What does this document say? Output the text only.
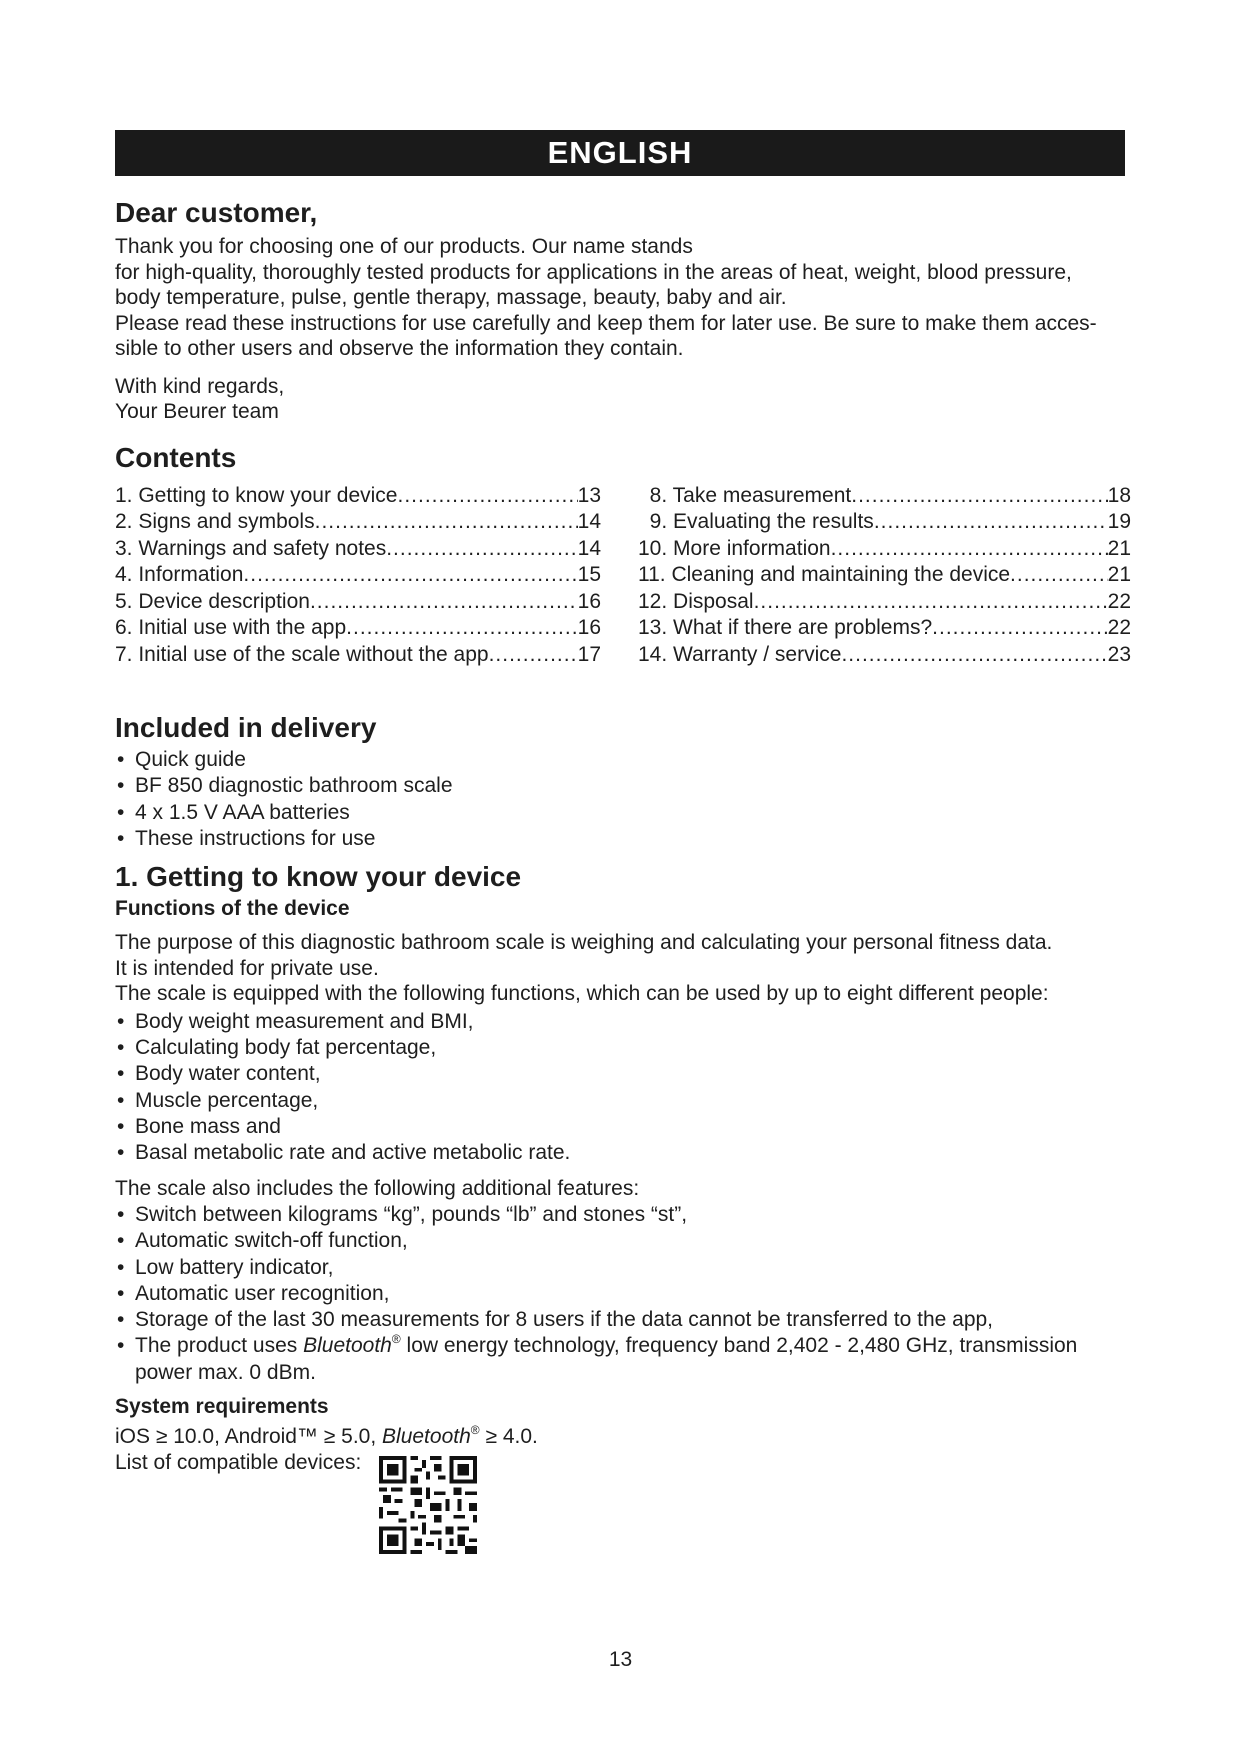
ENGLISH
Dear customer,

Thank you for choosing one of our products. Our name stands

for high-quality, thoroughly tested products for applications in the areas of heat, weight, blood pressure,

body temperature, pulse, gentle therapy, massage, beauty, baby and air.

Please read these instructions for use carefully and keep them for later use. Be sure to make them acces-

sible to other users and observe the information they contain.

With kind regards,

Your Beurer team

Contents
1. Getting to know your device .....	13
2. Signs and symbols .....	14
3. Warnings and safety notes .....	14
4. Information .....	15
5. Device description .....	16
6. Initial use with the app .....	16
7. Initial use of the scale without the app .....	17
8. Take measurement .....	18
9. Evaluating the results .....	19
10. More information .....	21
11. Cleaning and maintaining the device .....	21
12. Disposal .....	22
13. What if there are problems? .....	22
14. Warranty / service .....	23
Included in delivery
• Quick guide
• BF 850 diagnostic bathroom scale
• 4 x 1.5 V AAA batteries
• These instructions for use
1. Getting to know your device
Functions of the device

The purpose of this diagnostic bathroom scale is weighing and calculating your personal fitness data.

It is intended for private use.

The scale is equipped with the following functions, which can be used by up to eight different people:

• Body weight measurement and BMI,
• Calculating body fat percentage,
• Body water content,
• Muscle percentage,
• Bone mass and
• Basal metabolic rate and active metabolic rate.

The scale also includes the following additional features:

• Switch between kilograms “kg”, pounds “lb” and stones “st”,
• Automatic switch-off function,
• Low battery indicator,
• Automatic user recognition,
• Storage of the last 30 measurements for 8 users if the data cannot be transferred to the app,
• The product uses Bluetooth® low energy technology, frequency band 2,402 - 2,480 GHz, transmission
power max. 0 dBm.
System requirements

iOS ≥ 10.0, Android™ ≥ 5.0, Bluetooth® ≥ 4.0.

List of compatible devices:

13
